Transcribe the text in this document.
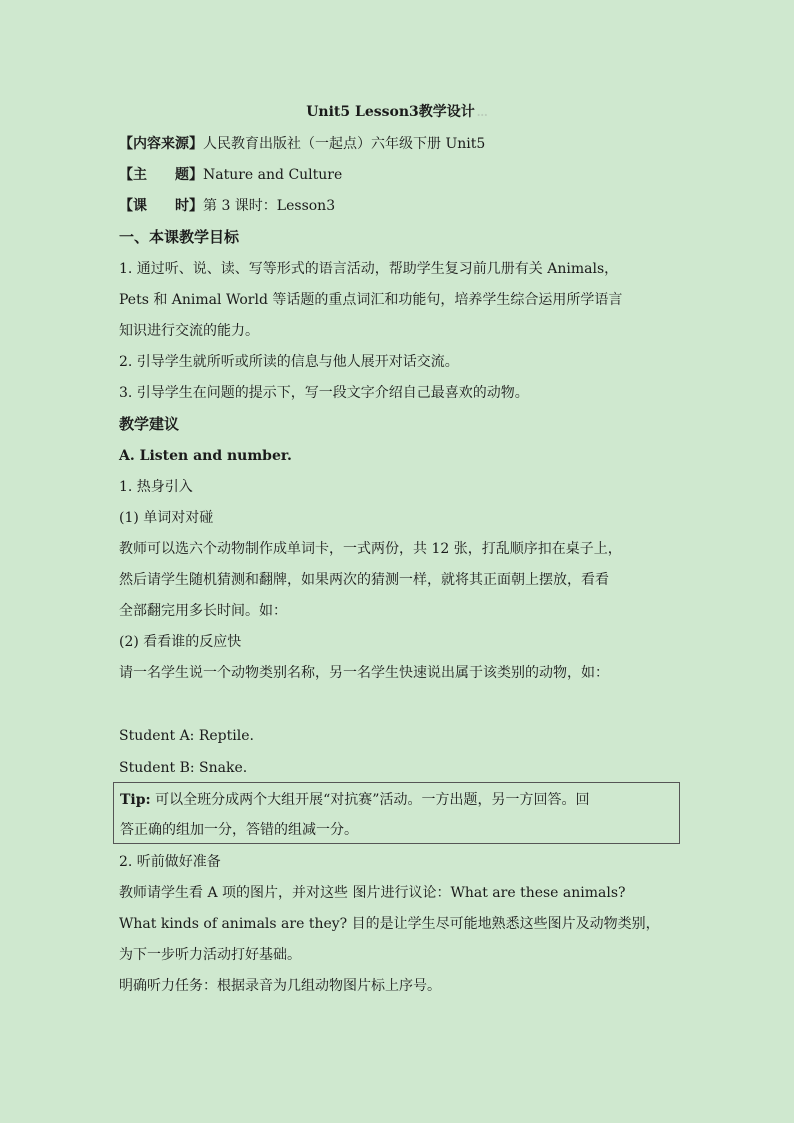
Unit5 Lesson3教学设计 …
【内容来源】人民教育出版社（一起点）六年级下册 Unit5
【主　　题】Nature and Culture
【课　　时】第 3 课时：Lesson3
一、本课教学目标
1. 通过听、说、读、写等形式的语言活动，帮助学生复习前几册有关 Animals，
Pets 和 Animal World 等话题的重点词汇和功能句，培养学生综合运用所学语言
知识进行交流的能力。
2. 引导学生就所听或所读的信息与他人展开对话交流。
3. 引导学生在问题的提示下，写一段文字介绍自己最喜欢的动物。
教学建议
A. Listen and number.
1. 热身引入
(1) 单词对对碰
教师可以选六个动物制作成单词卡，一式两份，共 12 张，打乱顺序扣在桌子上，
然后请学生随机猜测和翻牌，如果两次的猜测一样，就将其正面朝上摆放，看看
全部翻完用多长时间。如：
(2) 看看谁的反应快
请一名学生说一个动物类别名称，另一名学生快速说出属于该类别的动物，如：
Student A: Reptile.
Student B: Snake.
Tip: 可以全班分成两个大组开展“对抗赛”活动。一方出题，另一方回答。回
答正确的组加一分，答错的组减一分。
2. 听前做好准备
教师请学生看 A 项的图片，并对这些 图片进行议论：What are these animals?
What kinds of animals are they? 目的是让学生尽可能地熟悉这些图片及动物类别，
为下一步听力活动打好基础。
明确听力任务：根据录音为几组动物图片标上序号。
